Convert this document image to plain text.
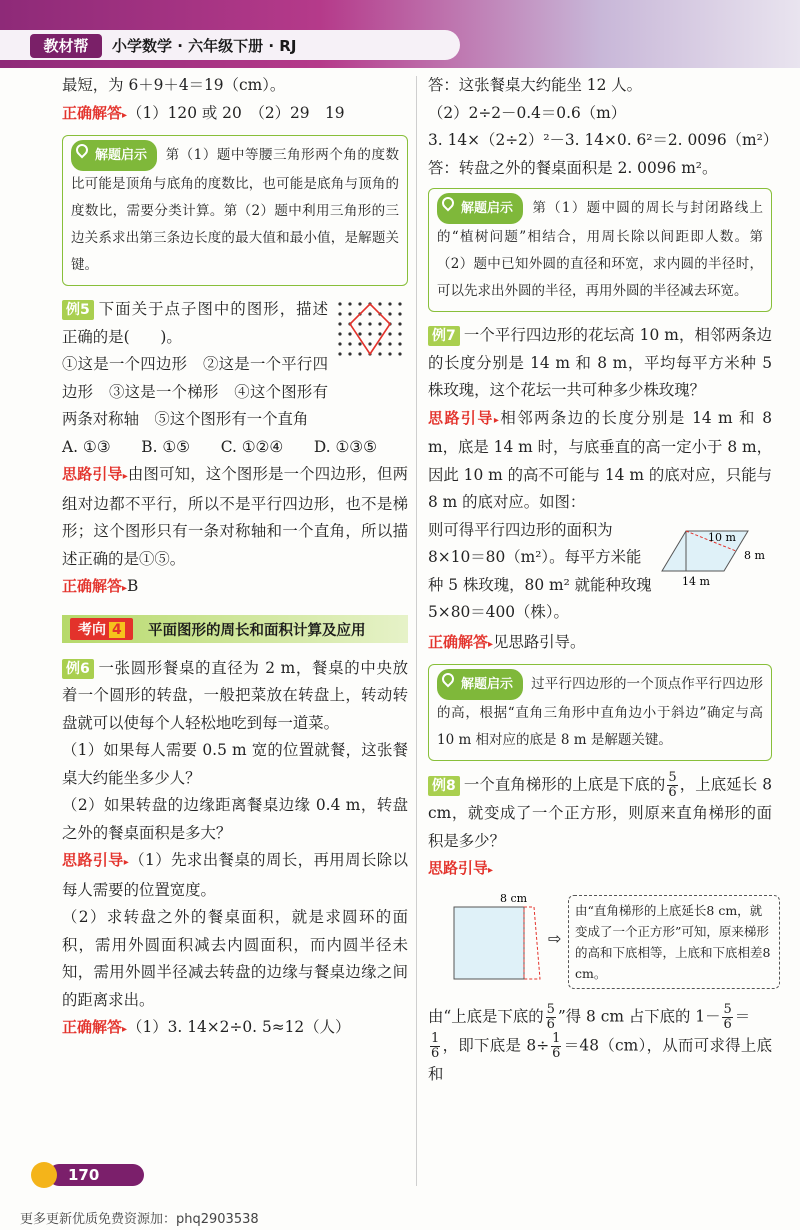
教材帮	小学数学 · 六年级下册 · RJ

最短，为 6＋9＋4＝19（cm）。

正确解答▸（1）120 或 20　（2）29　19

解题启示 第（1）题中等腰三角形两个角的度数比可能是顶角与底角的度数比，也可能是底角与顶角的度数比，需要分类计算。第（2）题中利用三角形的三边关系求出第三条边长度的最大值和最小值，是解题关键。

例5 下面关于点子图中的图形，描述正确的是(　　)。

①这是一个四边形　②这是一个平行四边形　③这是一个梯形　④这个图形有两条对称轴　⑤这个图形有一个直角

A. ①③　　B. ①⑤　　C. ①②④　　D. ①③⑤

思路引导▸由图可知，这个图形是一个四边形，但两组对边都不平行，所以不是平行四边形，也不是梯形；这个图形只有一条对称轴和一个直角，所以描述正确的是①⑤。

正确解答▸B

考向 4	平面图形的周长和面积计算及应用

例6 一张圆形餐桌的直径为 2 m，餐桌的中央放着一个圆形的转盘，一般把菜放在转盘上，转动转盘就可以使每个人轻松地吃到每一道菜。

（1）如果每人需要 0.5 m 宽的位置就餐，这张餐桌大约能坐多少人？

（2）如果转盘的边缘距离餐桌边缘 0.4 m，转盘之外的餐桌面积是多大？

思路引导▸（1）先求出餐桌的周长，再用周长除以每人需要的位置宽度。

（2）求转盘之外的餐桌面积，就是求圆环的面积，需用外圆面积减去内圆面积，而内圆半径未知，需用外圆半径减去转盘的边缘与餐桌边缘之间的距离求出。

正确解答▸（1）3. 14×2÷0. 5≈12（人）

答：这张餐桌大约能坐 12 人。

（2）2÷2－0.4＝0.6（m）

3. 14×（2÷2）²－3. 14×0. 6²＝2. 0096（m²）

答：转盘之外的餐桌面积是 2. 0096 m²。

解题启示 第（1）题中圆的周长与封闭路线上的“植树问题”相结合，用周长除以间距即人数。第（2）题中已知外圆的直径和环宽，求内圆的半径时，可以先求出外圆的半径，再用外圆的半径减去环宽。

例7 一个平行四边形的花坛高 10 m，相邻两条边的长度分别是 14 m 和 8 m，平均每平方米种 5 株玫瑰，这个花坛一共可种多少株玫瑰？

思路引导▸相邻两条边的长度分别是 14 m 和 8 m，底是 14 m 时，与底垂直的高一定小于 8 m，因此 10 m 的高不可能与 14 m 的底对应，只能与 8 m 的底对应。如图：

则可得平行四边形的面积为

8×10＝80（m²）。每平方米能

种 5 株玫瑰，80 m² 就能种玫瑰

5×80＝400（株）。

10 m
8 m
14 m

正确解答▸见思路引导。

解题启示 过平行四边形的一个顶点作平行四边形的高，根据“直角三角形中直角边小于斜边”确定与高 10 m 相对应的底是 8 m 是解题关键。

例8 一个直角梯形的上底是下底的 $\frac{5}{6}$ ，上底延长 8 cm，就变成了一个正方形，则原来直角梯形的面积是多少？

思路引导▸

8 cm
⇨
由“直角梯形的上底延长8 cm，就变成了一个正方形”可知，原来梯形的高和下底相等，上底和下底相差8 cm。

由“上底是下底的 $\frac{5}{6}$ ”得 8 cm 占下底的 $1- \frac{5}{6}$ ＝

$\frac{1}{6}$ ，即下底是 $8\div \frac{1}{6} =48(cm)$，从而可求得上底和

170
更多更新优质免费资源加：phq2903538
